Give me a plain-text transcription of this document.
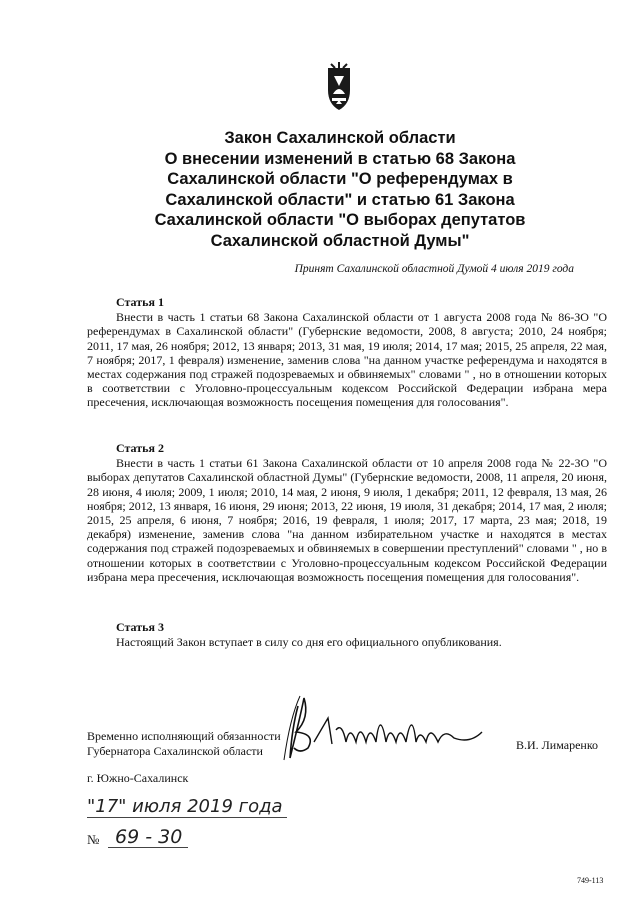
Закон Сахалинской области
О внесении изменений в статью 68 Закона
Сахалинской области "О референдумах в
Сахалинской области" и статью 61 Закона
Сахалинской области "О выборах депутатов
Сахалинской областной Думы"
Принят Сахалинской областной Думой 4 июля 2019 года
Статья 1
Внести в часть 1 статьи 68 Закона Сахалинской области от 1 августа 2008 года № 86-ЗО "О референдумах в Сахалинской области" (Губернские ведомости, 2008, 8 августа; 2010, 24 ноября; 2011, 17 мая, 26 ноября; 2012, 13 января; 2013, 31 мая, 19 июля; 2014, 17 мая; 2015, 25 апреля, 22 мая, 7 ноября; 2017, 1 февраля) изменение, заменив слова "на данном участке референдума и находятся в местах содержания под стражей подозреваемых и обвиняемых" словами " , но в отношении которых в соответствии с Уголовно-процессуальным кодексом Российской Федерации избрана мера пресечения, исключающая возможность посещения помещения для голосования".
Статья 2
Внести в часть 1 статьи 61 Закона Сахалинской области от 10 апреля 2008 года № 22-ЗО "О выборах депутатов Сахалинской областной Думы" (Губернские ведомости, 2008, 11 апреля, 20 июня, 28 июня, 4 июля; 2009, 1 июля; 2010, 14 мая, 2 июня, 9 июля, 1 декабря; 2011, 12 февраля, 13 мая, 26 ноября; 2012, 13 января, 16 июня, 29 июня; 2013, 22 июня, 19 июля, 31 декабря; 2014, 17 мая, 2 июля; 2015, 25 апреля, 6 июня, 7 ноября; 2016, 19 февраля, 1 июля; 2017, 17 марта, 23 мая; 2018, 19 декабря) изменение, заменив слова "на данном избирательном участке и находятся в местах содержания под стражей подозреваемых и обвиняемых в совершении преступлений" словами " , но в отношении которых в соответствии с Уголовно-процессуальным кодексом Российской Федерации избрана мера пресечения, исключающая возможность посещения помещения для голосования".
Статья 3
Настоящий Закон вступает в силу со дня его официального опубликования.
Временно исполняющий обязанности
Губернатора Сахалинской области	В.И. Лимаренко
г. Южно-Сахалинск
"17" июля 2019 года
№ 69 - 30
749-113
